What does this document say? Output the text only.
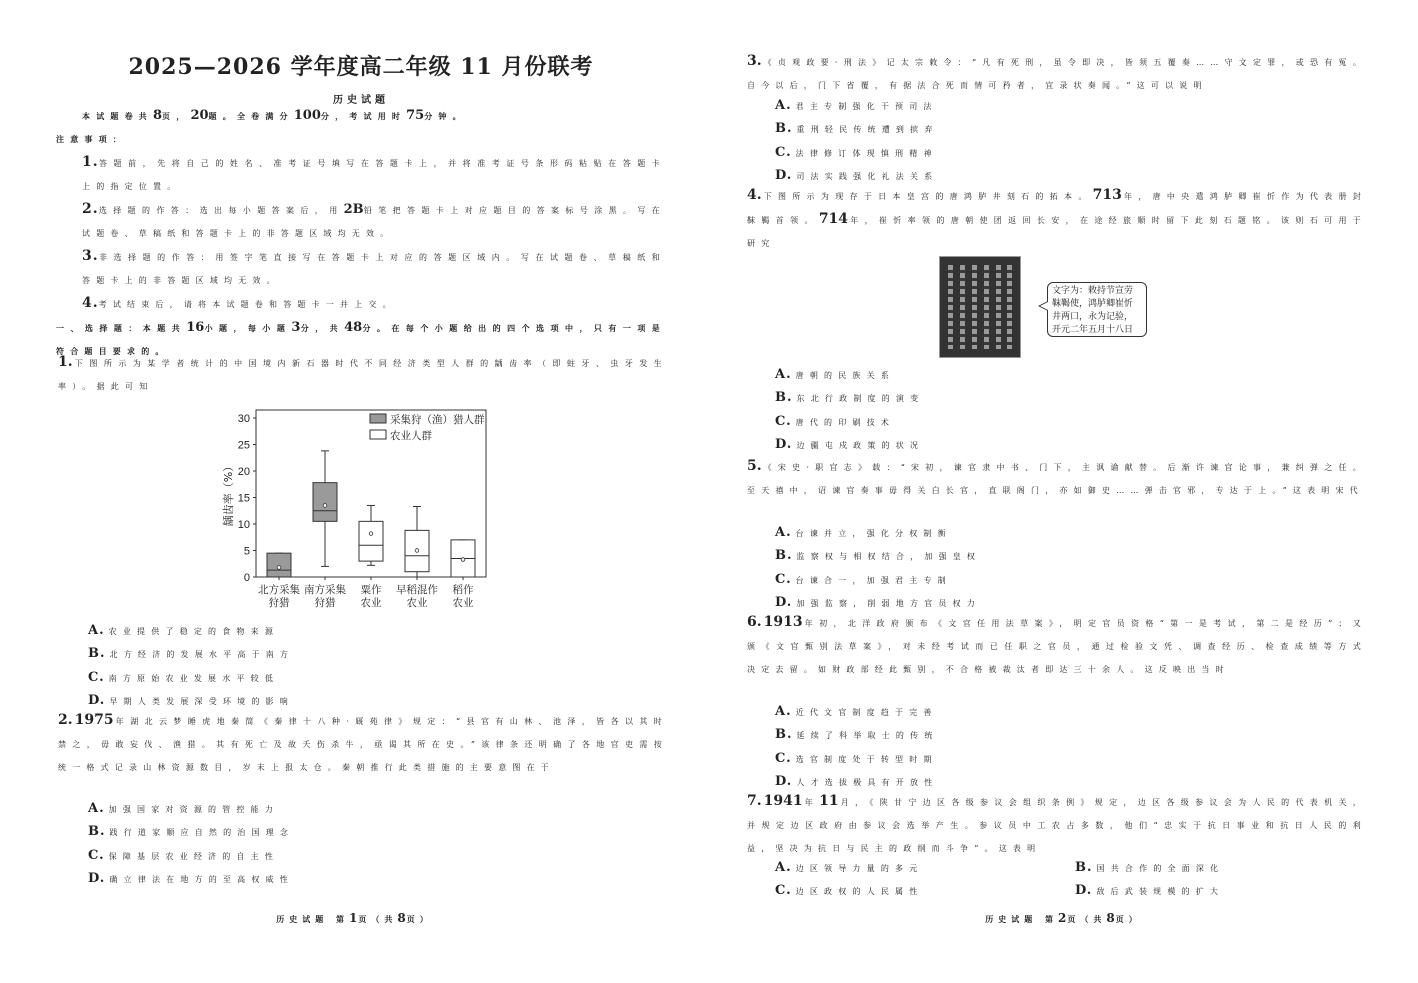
2025—2026 学年度高二年级 11 月份联考
历史试题

本试题卷共8页，20题。全卷满分100分，考试用时75分钟。

注意事项：

1.答题前，先将自己的姓名、准考证号填写在答题卡上，并将准考证号条形码粘贴在答题卡上的指定位置。

2.选择题的作答：选出每小题答案后，用2B铅笔把答题卡上对应题目的答案标号涂黑。写在试题卷、草稿纸和答题卡上的非答题区域均无效。

3.非选择题的作答：用签字笔直接写在答题卡上对应的答题区域内。写在试题卷、草稿纸和答题卡上的非答题区域均无效。

4.考试结束后，请将本试题卷和答题卡一并上交。

一、选择题：本题共16小题，每小题3分，共48分。在每个小题给出的四个选项中，只有一项是符合题目要求的。

1. 下图所示为某学者统计的中国境内新石器时代不同经济类型人群的龋齿率（即蛀牙、虫牙发生率）。据此可知

0
5
10
15
20
25
30
龋齿率（%）
北方采集
狩猎
南方采集
狩猎
粟作
农业
早稻混作
农业
稻作
农业
采集狩（渔）猎人群
农业人群

A. 农业提供了稳定的食物来源

B. 北方经济的发展水平高于南方

C. 南方原始农业发展水平较低

D. 早期人类发展深受环境的影响

2. 1975 年湖北云梦睡虎地秦简《秦律十八种·厩苑律》规定：“县官有山林、池泽，皆各以其时禁之，毋敢妄伐、渔猎。其有死亡及故夭伤杀牛，亟谒其所在史。”该律条还明确了各地官吏需按统一格式记录山林资源数目，岁末上报太仓。秦朝推行此类措施的主要意图在于

A. 加强国家对资源的管控能力

B. 践行道家顺应自然的治国理念

C. 保障基层农业经济的自主性

D. 确立律法在地方的至高权威性

历史试题 第1页（共8页）

3. 《贞观政要·刑法》记太宗敕令：“凡有死刑，虽令即决，皆须五覆奏……守文定罪，或恐有冤。自今以后，门下省覆，有据法合死而情可矜者，宜录状奏闻。”这可以说明

A. 君主专制强化干预司法

B. 重刑轻民传统遭到摈弃

C. 法律修订体现慎刑精神

D. 司法实践强化礼法关系

4. 下图所示为现存于日本皇宫的唐鸿胪井刻石的拓本。713 年，唐中央遣鸿胪卿崔忻作为代表册封靺鞨首领。714 年，崔忻率领的唐朝使团返回长安，在途经旅顺时留下此刻石题铭。该则石可用于研究

文字为：敕持节宣劳
靺鞨使，鸿胪卿崔忻
井两口，永为记验，
开元二年五月十八日

A. 唐朝的民族关系

B. 东北行政制度的演变

C. 唐代的印刷技术

D. 边疆屯戍政策的状况

5. 《宋史·职官志》载：“宋初，谏官隶中书、门下，主讽谕献替。后渐许谏官论事，兼纠弹之任。至天禧中，诏谏官奏事毋得关白长官，直联阁门，亦如御史……弹击官邪，专达于上。”这表明宋代

A. 台谏并立，强化分权制衡

B. 监察权与相权结合，加强皇权

C. 台谏合一，加强君主专制

D. 加强监察，削弱地方官员权力

6. 1913 年初，北洋政府颁布《文官任用法草案》，明定官员资格“第一是考试，第二是经历”；又颁《文官甄别法草案》，对未经考试而已任职之官员，通过检验文凭、调查经历、检查成绩等方式决定去留。如财政部经此甄别，不合格被裁汰者即达三十余人。这反映出当时

A. 近代文官制度趋于完善

B. 延续了科举取士的传统

C. 选官制度处于转型时期

D. 人才选拔极具有开放性

7. 1941 年11 月，《陕甘宁边区各级参议会组织条例》规定，边区各级参议会为人民的代表机关，并规定边区政府由参议会选举产生。参议员中工农占多数，他们“忠实于抗日事业和抗日人民的利益，坚决为抗日与民主的政纲而斗争”。这表明

A. 边区领导力量的多元	B. 国共合作的全面深化

C. 边区政权的人民属性	D. 敌后武装规模的扩大

历史试题 第2页（共8页）
